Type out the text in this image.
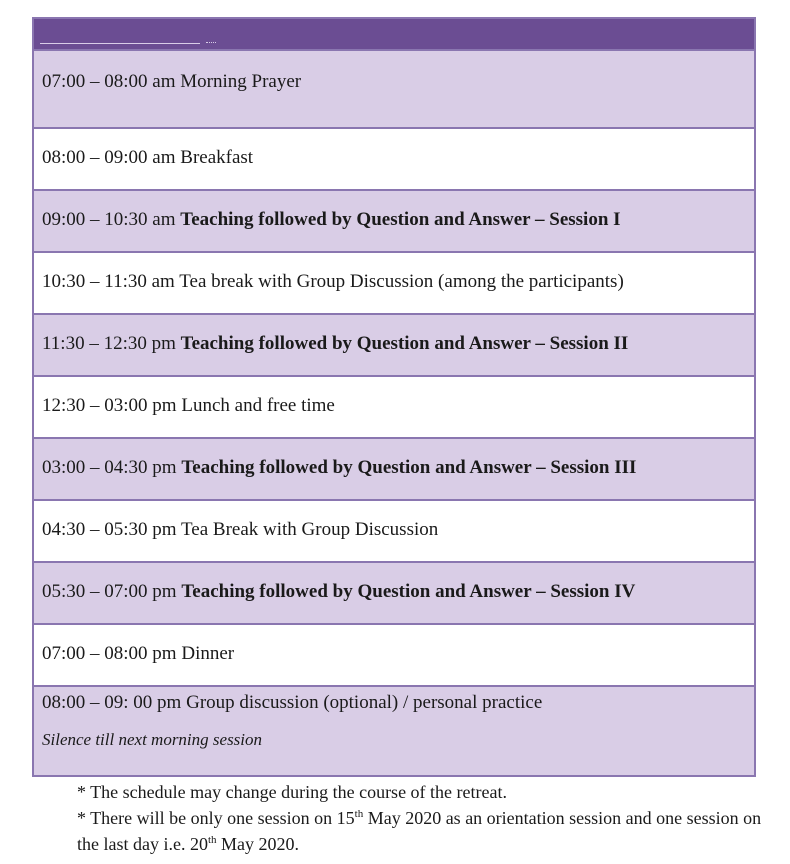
07:00 – 08:00 am Morning Prayer
08:00 – 09:00 am Breakfast
09:00 – 10:30 am Teaching followed by Question and Answer – Session I
10:30 – 11:30 am Tea break with Group Discussion (among the participants)
11:30 – 12:30 pm Teaching followed by Question and Answer – Session II
12:30 – 03:00 pm Lunch and free time
03:00 – 04:30 pm Teaching followed by Question and Answer – Session III
04:30 – 05:30 pm Tea Break with Group Discussion
05:30 – 07:00 pm Teaching followed by Question and Answer – Session IV
07:00 – 08:00 pm Dinner
08:00 – 09: 00 pm Group discussion (optional) / personal practice
Silence till next morning session

* The schedule may change during the course of the retreat.

* There will be only one session on 15th May 2020 as an orientation session and one session on the last day i.e. 20th May 2020.
